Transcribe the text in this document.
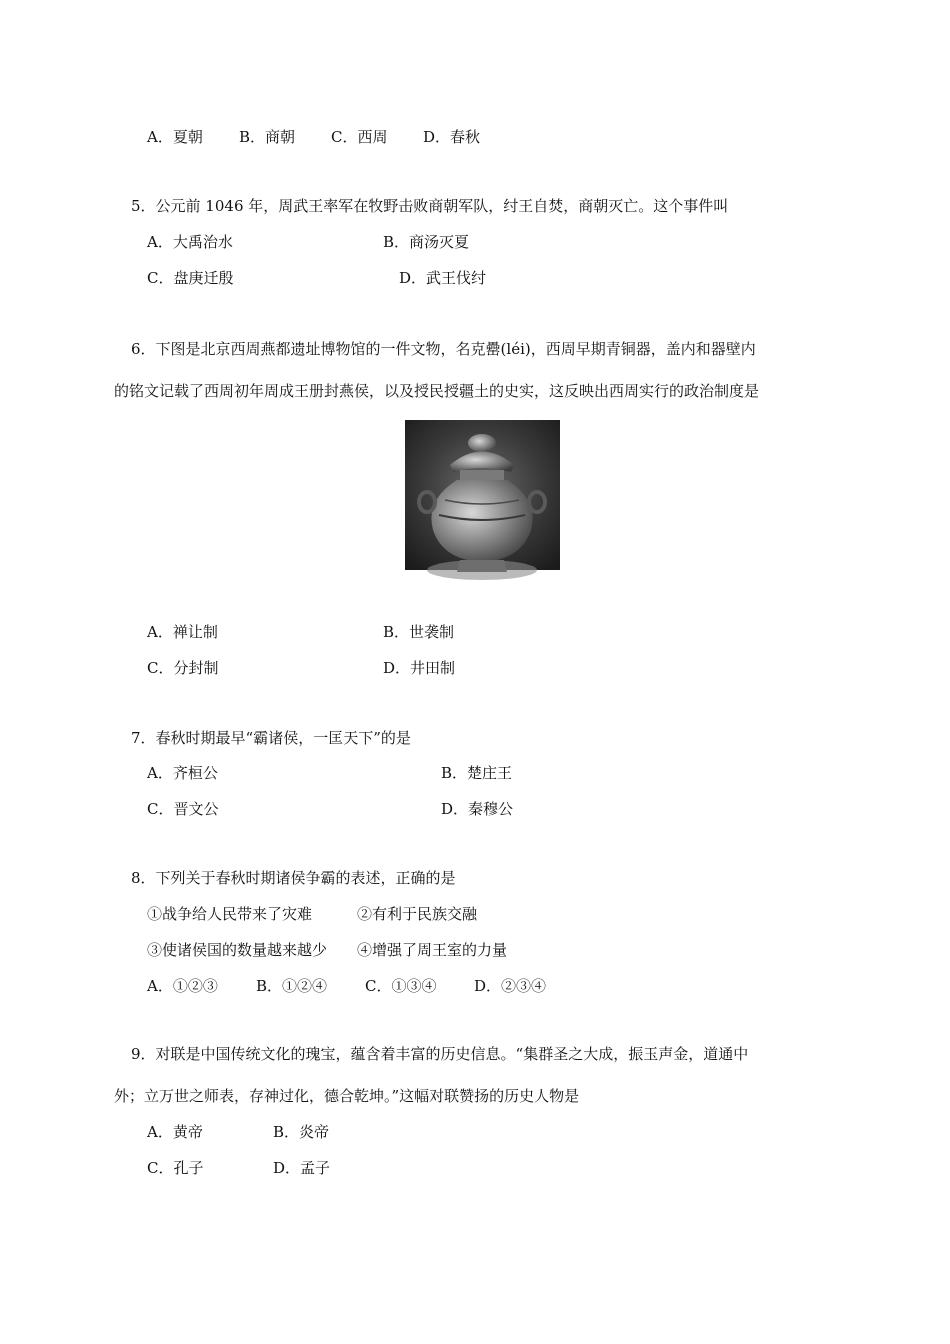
A．夏朝 B．商朝 C．西周 D．春秋
5．公元前 1046 年，周武王率军在牧野击败商朝军队，纣王自焚，商朝灭亡。这个事件叫
A．大禹治水	B．商汤灭夏
C．盘庚迁殷	D．武王伐纣
6．下图是北京西周燕都遗址博物馆的一件文物，名克罍(léi)，西周早期青铜器，盖内和器壁内
的铭文记载了西周初年周成王册封燕侯，以及授民授疆土的史实，这反映出西周实行的政治制度是
A．禅让制	B．世袭制
C．分封制	D．井田制
7．春秋时期最早“霸诸侯，一匡天下”的是
A．齐桓公	B．楚庄王
C．晋文公	D．秦穆公
8．下列关于春秋时期诸侯争霸的表述，正确的是
①战争给人民带来了灾难	②有利于民族交融
③使诸侯国的数量越来越少 ④增强了周王室的力量
A．①②③	B．①②④	C．①③④	D．②③④
9．对联是中国传统文化的瑰宝，蕴含着丰富的历史信息。“集群圣之大成，振玉声金，道通中
外；立万世之师表，存神过化，德合乾坤。”这幅对联赞扬的历史人物是
A．黄帝	B．炎帝
C．孔子	D．孟子
